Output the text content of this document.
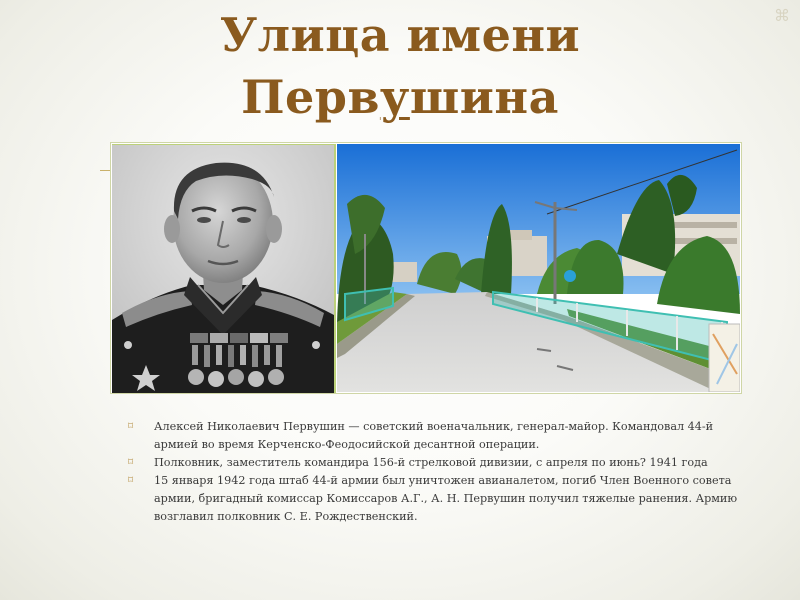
⌘
Улица имени
Первушина
⌑ Алексей Николаевич Первушин — советский военачальник, генерал-майор. Командовал 44-й армией во время Керченско-Феодосийской десантной операции.
⌑ Полковник, заместитель командира 156-й стрелковой дивизии, с апреля по июнь? 1941 года
⌑ 15 января 1942 года штаб 44-й армии был уничтожен авианалетом, погиб Член Военного совета армии, бригадный комиссар Комиссаров А.Г., А. Н. Первушин получил тяжелые ранения. Армию возглавил полковник С. Е. Рождественский.
